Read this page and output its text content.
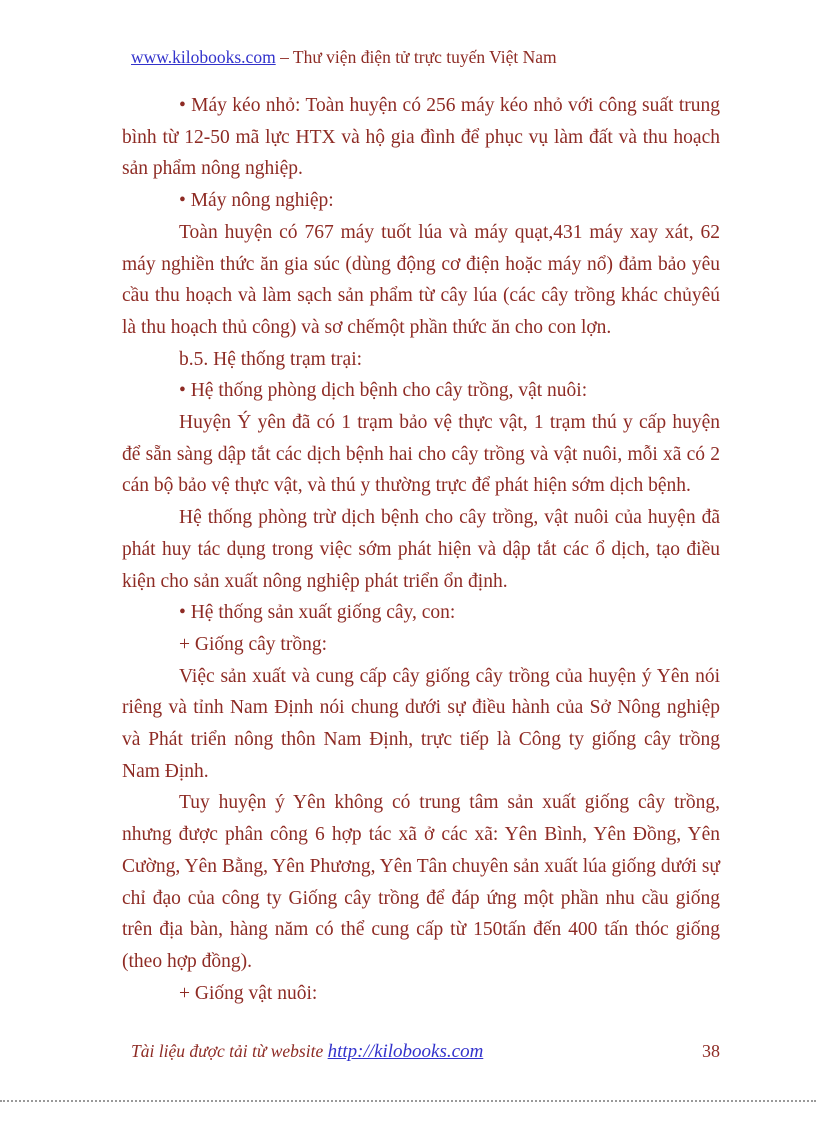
www.kilobooks.com – Thư viện điện tử trực tuyến Việt Nam

• Máy kéo nhỏ: Toàn huyện có 256 máy kéo nhỏ với công suất trung bình từ 12-50 mã lực HTX và hộ gia đình để phục vụ làm đất và thu hoạch sản phẩm nông nghiệp.

• Máy nông nghiệp:

Toàn huyện có 767 máy tuốt lúa và máy quạt,431 máy xay xát, 62 máy nghiền thức ăn gia súc (dùng động cơ điện hoặc máy nổ) đảm bảo yêu cầu thu hoạch và làm sạch sản phẩm từ cây lúa (các cây trồng khác chủyêú là thu hoạch thủ công) và sơ chếmột phần thức ăn cho con lợn.

b.5. Hệ thống trạm trại:

• Hệ thống phòng dịch bệnh cho cây trồng, vật nuôi:

Huyện Ý yên đã có 1 trạm bảo vệ thực vật, 1 trạm thú y cấp huyện để sẵn sàng dập tắt các dịch bệnh hai cho cây trồng và vật nuôi, mỗi xã có 2 cán bộ bảo vệ thực vật, và thú y thường trực để phát hiện sớm dịch bệnh.

Hệ thống phòng trừ dịch bệnh cho cây trồng, vật nuôi của huyện đã phát huy tác dụng trong việc sớm phát hiện và dập tắt các ổ dịch, tạo điều kiện cho sản xuất nông nghiệp phát triển ổn định.

• Hệ thống sản xuất giống cây, con:

+ Giống cây trồng:

Việc sản xuất và cung cấp cây giống cây trồng của huyện ý Yên nói riêng và tỉnh Nam Định nói chung dưới sự điều hành của Sở Nông nghiệp và Phát triển nông thôn Nam Định, trực tiếp là Công ty giống cây trồng Nam Định.

Tuy huyện ý Yên không có trung tâm sản xuất giống cây trồng, nhưng được phân công 6 hợp tác xã ở các xã: Yên Bình, Yên Đồng, Yên Cường, Yên Bằng, Yên Phương, Yên Tân chuyên sản xuất lúa giống dưới sự chỉ đạo của công ty Giống cây trồng để đáp ứng một phần nhu cầu giống trên địa bàn, hàng năm có thể cung cấp từ 150tấn đến 400 tấn thóc giống (theo hợp đồng).

+ Giống vật nuôi:

38
Tài liệu được tải từ website http://kilobooks.com
